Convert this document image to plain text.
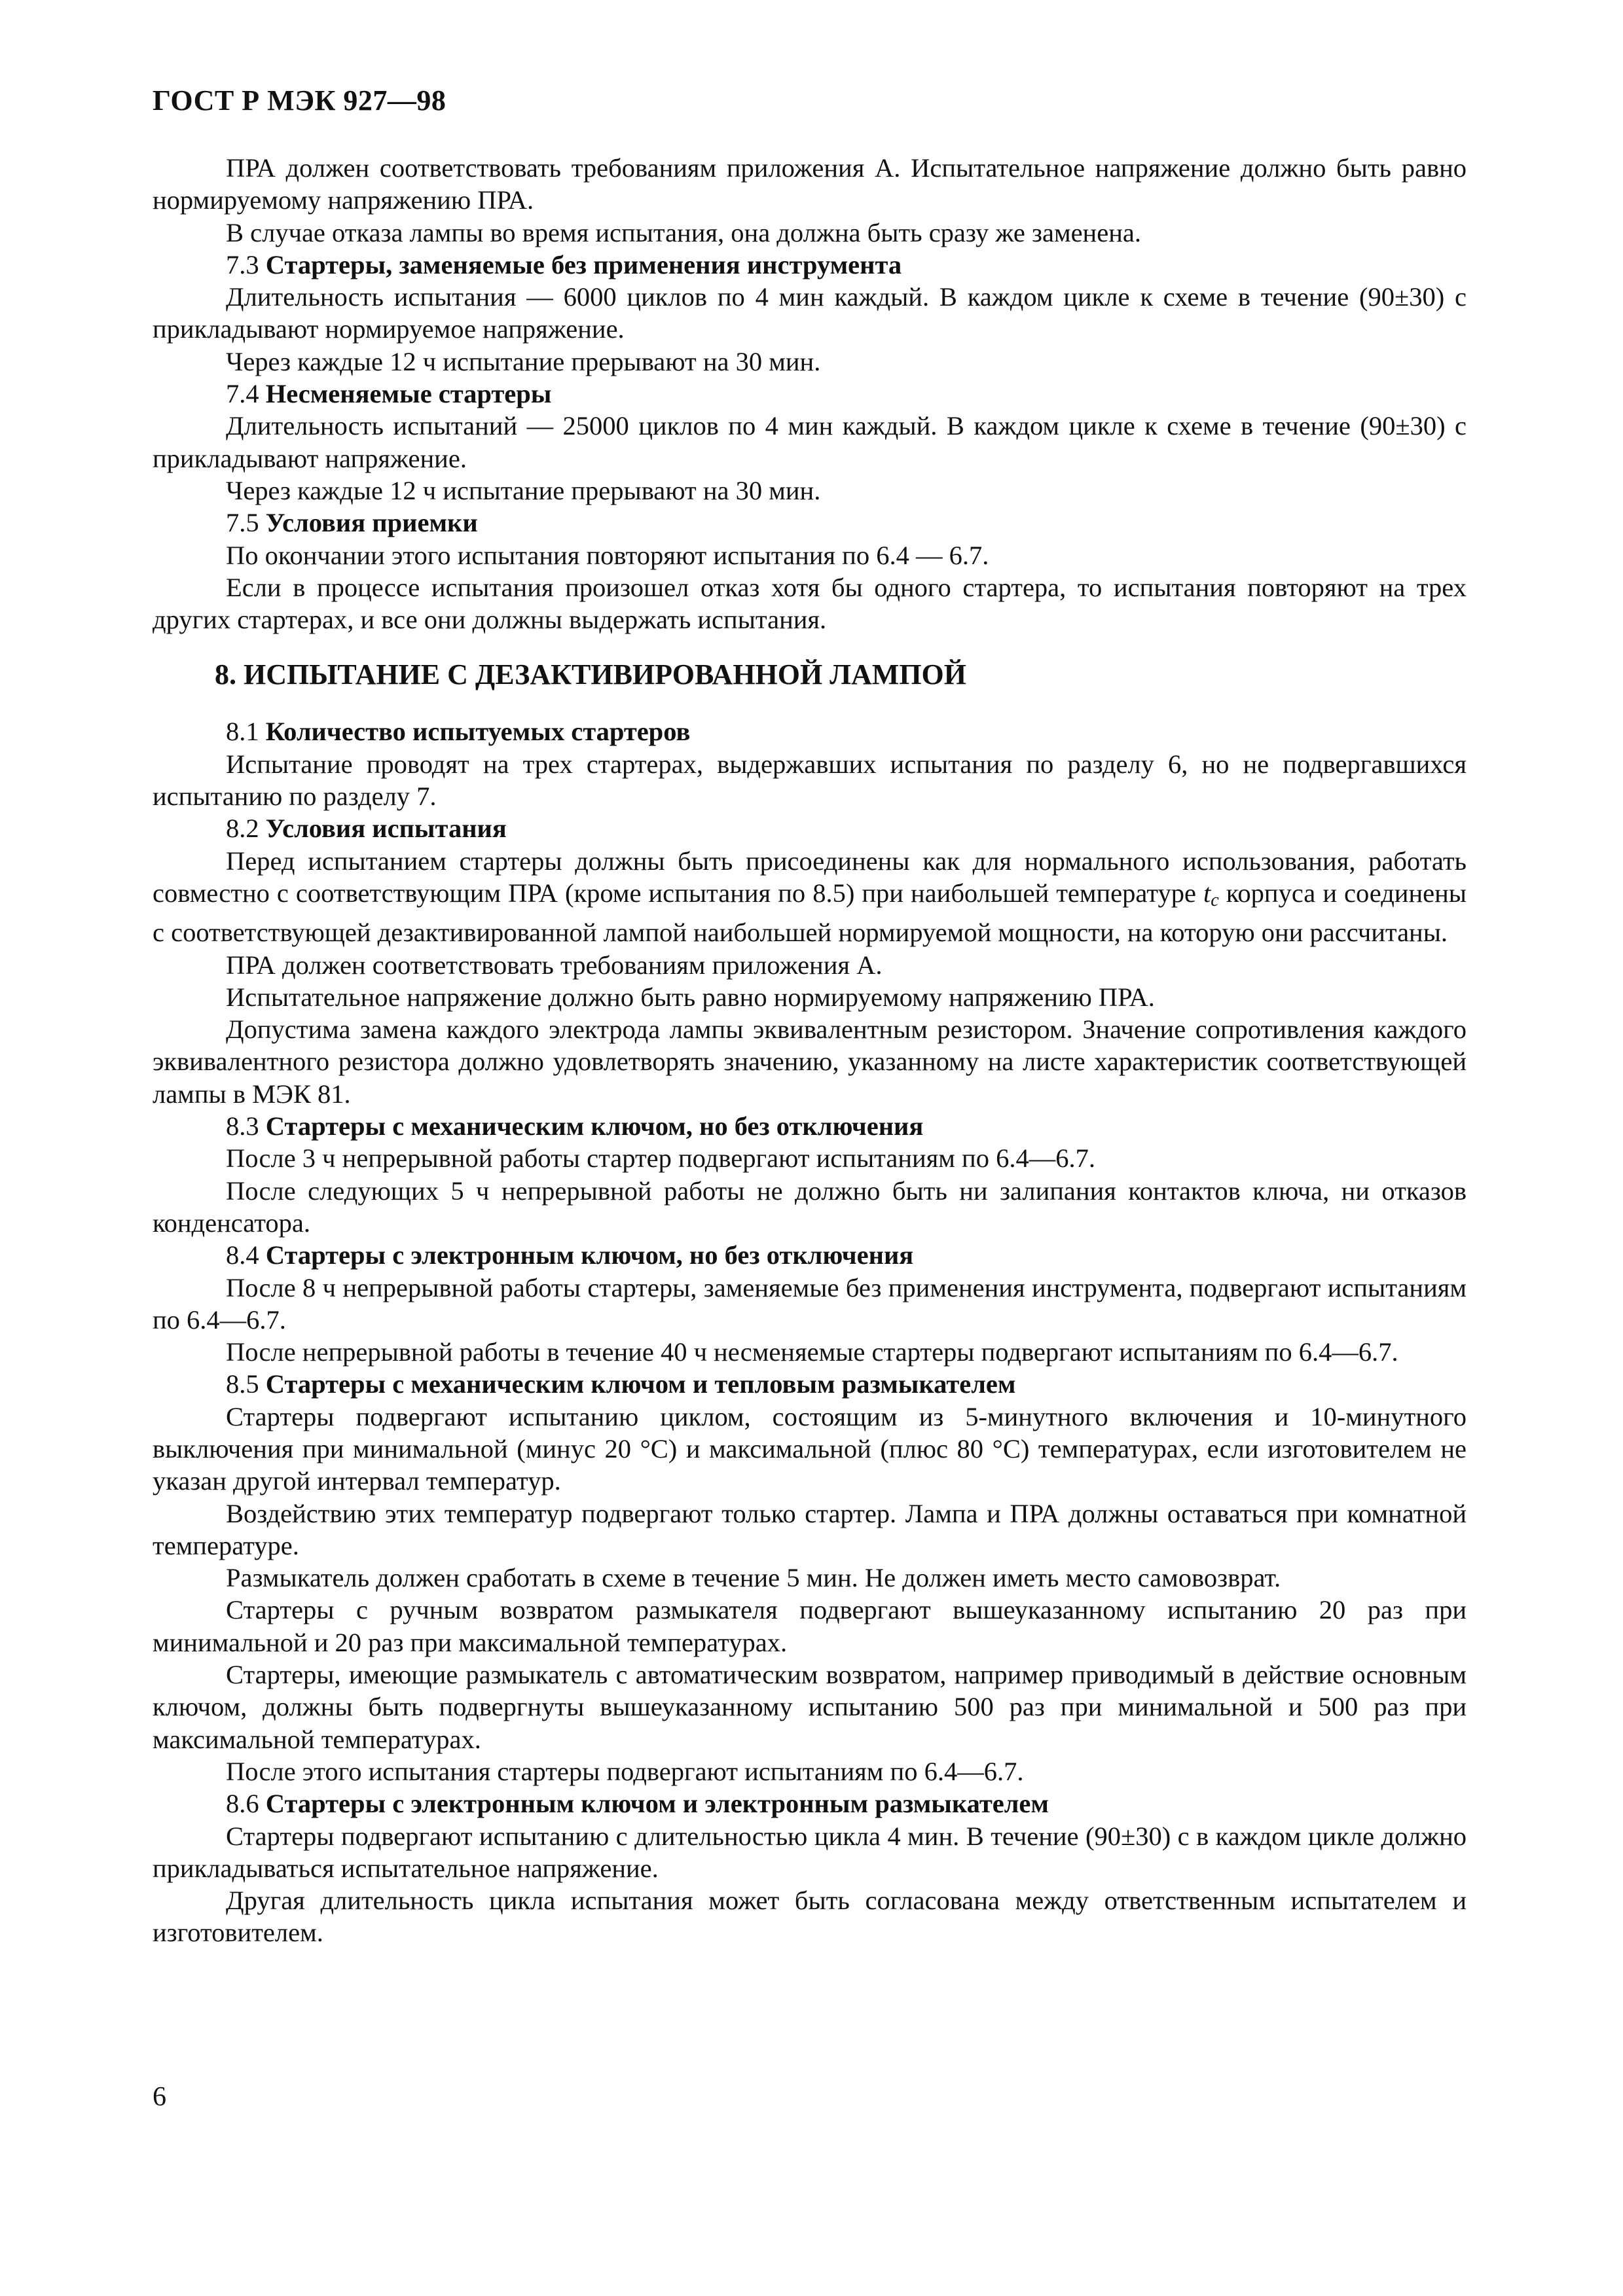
ГОСТ Р МЭК 927—98

ПРА должен соответствовать требованиям приложения А. Испытательное напряжение должно быть равно нормируемому напряжению ПРА.

В случае отказа лампы во время испытания, она должна быть сразу же заменена.

7.3 Стартеры, заменяемые без применения инструмента

Длительность испытания — 6000 циклов по 4 мин каждый. В каждом цикле к схеме в течение (90±30) с прикладывают нормируемое напряжение.

Через каждые 12 ч испытание прерывают на 30 мин.

7.4 Несменяемые стартеры

Длительность испытаний — 25000 циклов по 4 мин каждый. В каждом цикле к схеме в течение (90±30) с прикладывают напряжение.

Через каждые 12 ч испытание прерывают на 30 мин.

7.5 Условия приемки

По окончании этого испытания повторяют испытания по 6.4 — 6.7.

Если в процессе испытания произошел отказ хотя бы одного стартера, то испытания повторяют на трех других стартерах, и все они должны выдержать испытания.

8. ИСПЫТАНИЕ С ДЕЗАКТИВИРОВАННОЙ ЛАМПОЙ

8.1 Количество испытуемых стартеров

Испытание проводят на трех стартерах, выдержавших испытания по разделу 6, но не подвергавшихся испытанию по разделу 7.

8.2 Условия испытания

Перед испытанием стартеры должны быть присоединены как для нормального использования, работать совместно с соответствующим ПРА (кроме испытания по 8.5) при наибольшей температуре $t_c$ корпуса и соединены с соответствующей дезактивированной лампой наибольшей нормируемой мощности, на которую они рассчитаны.

ПРА должен соответствовать требованиям приложения А.

Испытательное напряжение должно быть равно нормируемому напряжению ПРА.

Допустима замена каждого электрода лампы эквивалентным резистором. Значение сопротивления каждого эквивалентного резистора должно удовлетворять значению, указанному на листе характеристик соответствующей лампы в МЭК 81.

8.3 Стартеры с механическим ключом, но без отключения

После 3 ч непрерывной работы стартер подвергают испытаниям по 6.4—6.7.

После следующих 5 ч непрерывной работы не должно быть ни залипания контактов ключа, ни отказов конденсатора.

8.4 Стартеры с электронным ключом, но без отключения

После 8 ч непрерывной работы стартеры, заменяемые без применения инструмента, подвергают испытаниям по 6.4—6.7.

После непрерывной работы в течение 40 ч несменяемые стартеры подвергают испытаниям по 6.4—6.7.

8.5 Стартеры с механическим ключом и тепловым размыкателем

Стартеры подвергают испытанию циклом, состоящим из 5-минутного включения и 10-минутного выключения при минимальной (минус 20 °С) и максимальной (плюс 80 °С) температурах, если изготовителем не указан другой интервал температур.

Воздействию этих температур подвергают только стартер. Лампа и ПРА должны оставаться при комнатной температуре.

Размыкатель должен сработать в схеме в течение 5 мин. Не должен иметь место самовозврат.

Стартеры с ручным возвратом размыкателя подвергают вышеуказанному испытанию 20 раз при минимальной и 20 раз при максимальной температурах.

Стартеры, имеющие размыкатель с автоматическим возвратом, например приводимый в действие основным ключом, должны быть подвергнуты вышеуказанному испытанию 500 раз при минимальной и 500 раз при максимальной температурах.

После этого испытания стартеры подвергают испытаниям по 6.4—6.7.

8.6 Стартеры с электронным ключом и электронным размыкателем

Стартеры подвергают испытанию с длительностью цикла 4 мин. В течение (90±30) с в каждом цикле должно прикладываться испытательное напряжение.

Другая длительность цикла испытания может быть согласована между ответственным испытателем и изготовителем.

6
